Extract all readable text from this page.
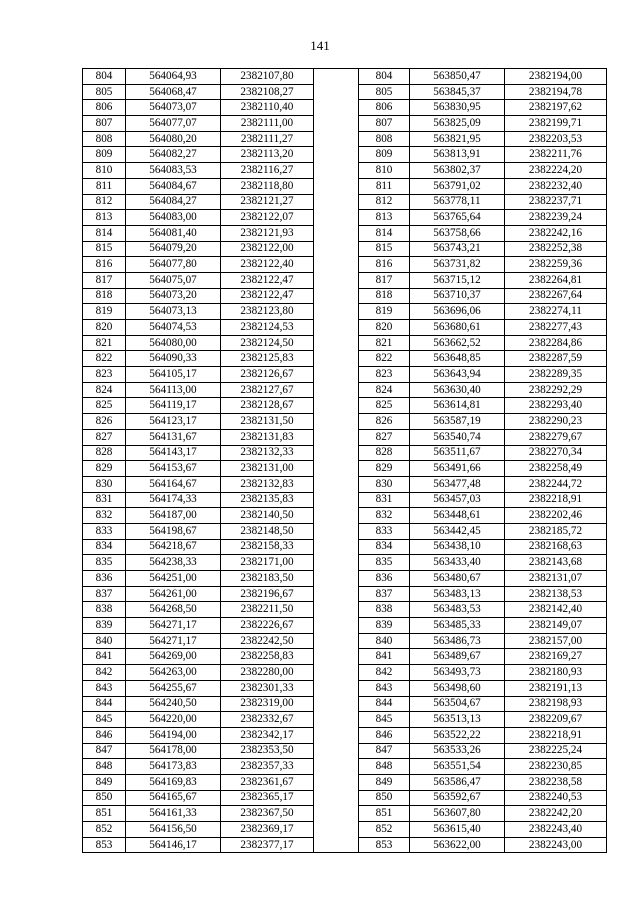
141
804	564064,93	2382107,80		804	563850,47	2382194,00
805	564068,47	2382108,27		805	563845,37	2382194,78
806	564073,07	2382110,40		806	563830,95	2382197,62
807	564077,07	2382111,00		807	563825,09	2382199,71
808	564080,20	2382111,27		808	563821,95	2382203,53
809	564082,27	2382113,20		809	563813,91	2382211,76
810	564083,53	2382116,27		810	563802,37	2382224,20
811	564084,67	2382118,80		811	563791,02	2382232,40
812	564084,27	2382121,27		812	563778,11	2382237,71
813	564083,00	2382122,07		813	563765,64	2382239,24
814	564081,40	2382121,93		814	563758,66	2382242,16
815	564079,20	2382122,00		815	563743,21	2382252,38
816	564077,80	2382122,40		816	563731,82	2382259,36
817	564075,07	2382122,47		817	563715,12	2382264,81
818	564073,20	2382122,47		818	563710,37	2382267,64
819	564073,13	2382123,80		819	563696,06	2382274,11
820	564074,53	2382124,53		820	563680,61	2382277,43
821	564080,00	2382124,50		821	563662,52	2382284,86
822	564090,33	2382125,83		822	563648,85	2382287,59
823	564105,17	2382126,67		823	563643,94	2382289,35
824	564113,00	2382127,67		824	563630,40	2382292,29
825	564119,17	2382128,67		825	563614,81	2382293,40
826	564123,17	2382131,50		826	563587,19	2382290,23
827	564131,67	2382131,83		827	563540,74	2382279,67
828	564143,17	2382132,33		828	563511,67	2382270,34
829	564153,67	2382131,00		829	563491,66	2382258,49
830	564164,67	2382132,83		830	563477,48	2382244,72
831	564174,33	2382135,83		831	563457,03	2382218,91
832	564187,00	2382140,50		832	563448,61	2382202,46
833	564198,67	2382148,50		833	563442,45	2382185,72
834	564218,67	2382158,33		834	563438,10	2382168,63
835	564238,33	2382171,00		835	563433,40	2382143,68
836	564251,00	2382183,50		836	563480,67	2382131,07
837	564261,00	2382196,67		837	563483,13	2382138,53
838	564268,50	2382211,50		838	563483,53	2382142,40
839	564271,17	2382226,67		839	563485,33	2382149,07
840	564271,17	2382242,50		840	563486,73	2382157,00
841	564269,00	2382258,83		841	563489,67	2382169,27
842	564263,00	2382280,00		842	563493,73	2382180,93
843	564255,67	2382301,33		843	563498,60	2382191,13
844	564240,50	2382319,00		844	563504,67	2382198,93
845	564220,00	2382332,67		845	563513,13	2382209,67
846	564194,00	2382342,17		846	563522,22	2382218,91
847	564178,00	2382353,50		847	563533,26	2382225,24
848	564173,83	2382357,33		848	563551,54	2382230,85
849	564169,83	2382361,67		849	563586,47	2382238,58
850	564165,67	2382365,17		850	563592,67	2382240,53
851	564161,33	2382367,50		851	563607,80	2382242,20
852	564156,50	2382369,17		852	563615,40	2382243,40
853	564146,17	2382377,17		853	563622,00	2382243,00
